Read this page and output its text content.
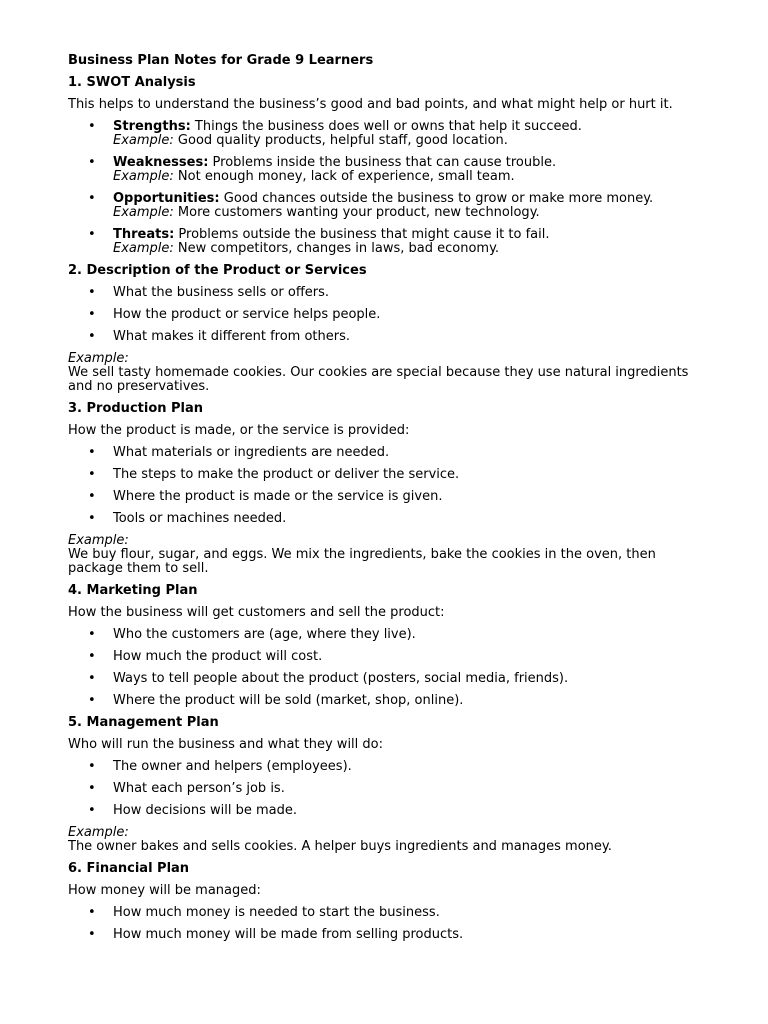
Business Plan Notes for Grade 9 Learners
1. SWOT Analysis
This helps to understand the business’s good and bad points, and what might help or hurt it.
• Strengths: Things the business does well or owns that help it succeed.
Example: Good quality products, helpful staff, good location.
• Weaknesses: Problems inside the business that can cause trouble.
Example: Not enough money, lack of experience, small team.
• Opportunities: Good chances outside the business to grow or make more money.
Example: More customers wanting your product, new technology.
• Threats: Problems outside the business that might cause it to fail.
Example: New competitors, changes in laws, bad economy.
2. Description of the Product or Services
• What the business sells or offers.
• How the product or service helps people.
• What makes it different from others.
Example:
We sell tasty homemade cookies. Our cookies are special because they use natural ingredients and no preservatives.
3. Production Plan
How the product is made, or the service is provided:
• What materials or ingredients are needed.
• The steps to make the product or deliver the service.
• Where the product is made or the service is given.
• Tools or machines needed.
Example:
We buy flour, sugar, and eggs. We mix the ingredients, bake the cookies in the oven, then package them to sell.
4. Marketing Plan
How the business will get customers and sell the product:
• Who the customers are (age, where they live).
• How much the product will cost.
• Ways to tell people about the product (posters, social media, friends).
• Where the product will be sold (market, shop, online).
5. Management Plan
Who will run the business and what they will do:
• The owner and helpers (employees).
• What each person’s job is.
• How decisions will be made.
Example:
The owner bakes and sells cookies. A helper buys ingredients and manages money.
6. Financial Plan
How money will be managed:
• How much money is needed to start the business.
• How much money will be made from selling products.
